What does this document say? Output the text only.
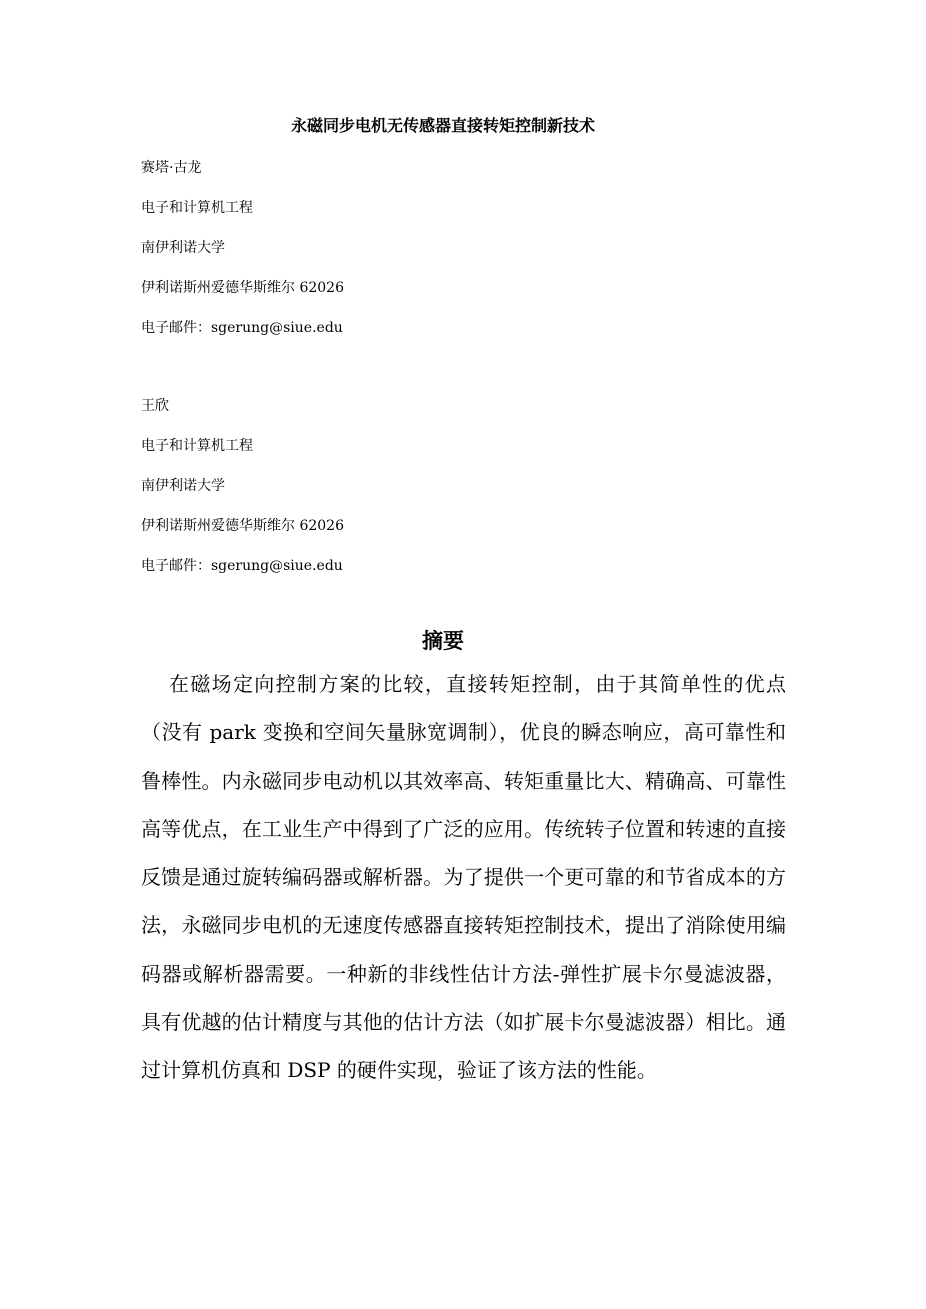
永磁同步电机无传感器直接转矩控制新技术
赛塔·古龙
电子和计算机工程
南伊利诺大学
伊利诺斯州爱德华斯维尔 62026
电子邮件：sgerung@siue.edu
王欣
电子和计算机工程
南伊利诺大学
伊利诺斯州爱德华斯维尔 62026
电子邮件：sgerung@siue.edu
摘要

在磁场定向控制方案的比较，直接转矩控制，由于其简单性的优点（没有 park 变换和空间矢量脉宽调制），优良的瞬态响应，高可靠性和鲁棒性。内永磁同步电动机以其效率高、转矩重量比大、精确高、可靠性高等优点，在工业生产中得到了广泛的应用。传统转子位置和转速的直接反馈是通过旋转编码器或解析器。为了提供一个更可靠的和节省成本的方法，永磁同步电机的无速度传感器直接转矩控制技术，提出了消除使用编码器或解析器需要。一种新的非线性估计方法-弹性扩展卡尔曼滤波器，具有优越的估计精度与其他的估计方法（如扩展卡尔曼滤波器）相比。通过计算机仿真和 DSP 的硬件实现，验证了该方法的性能。
